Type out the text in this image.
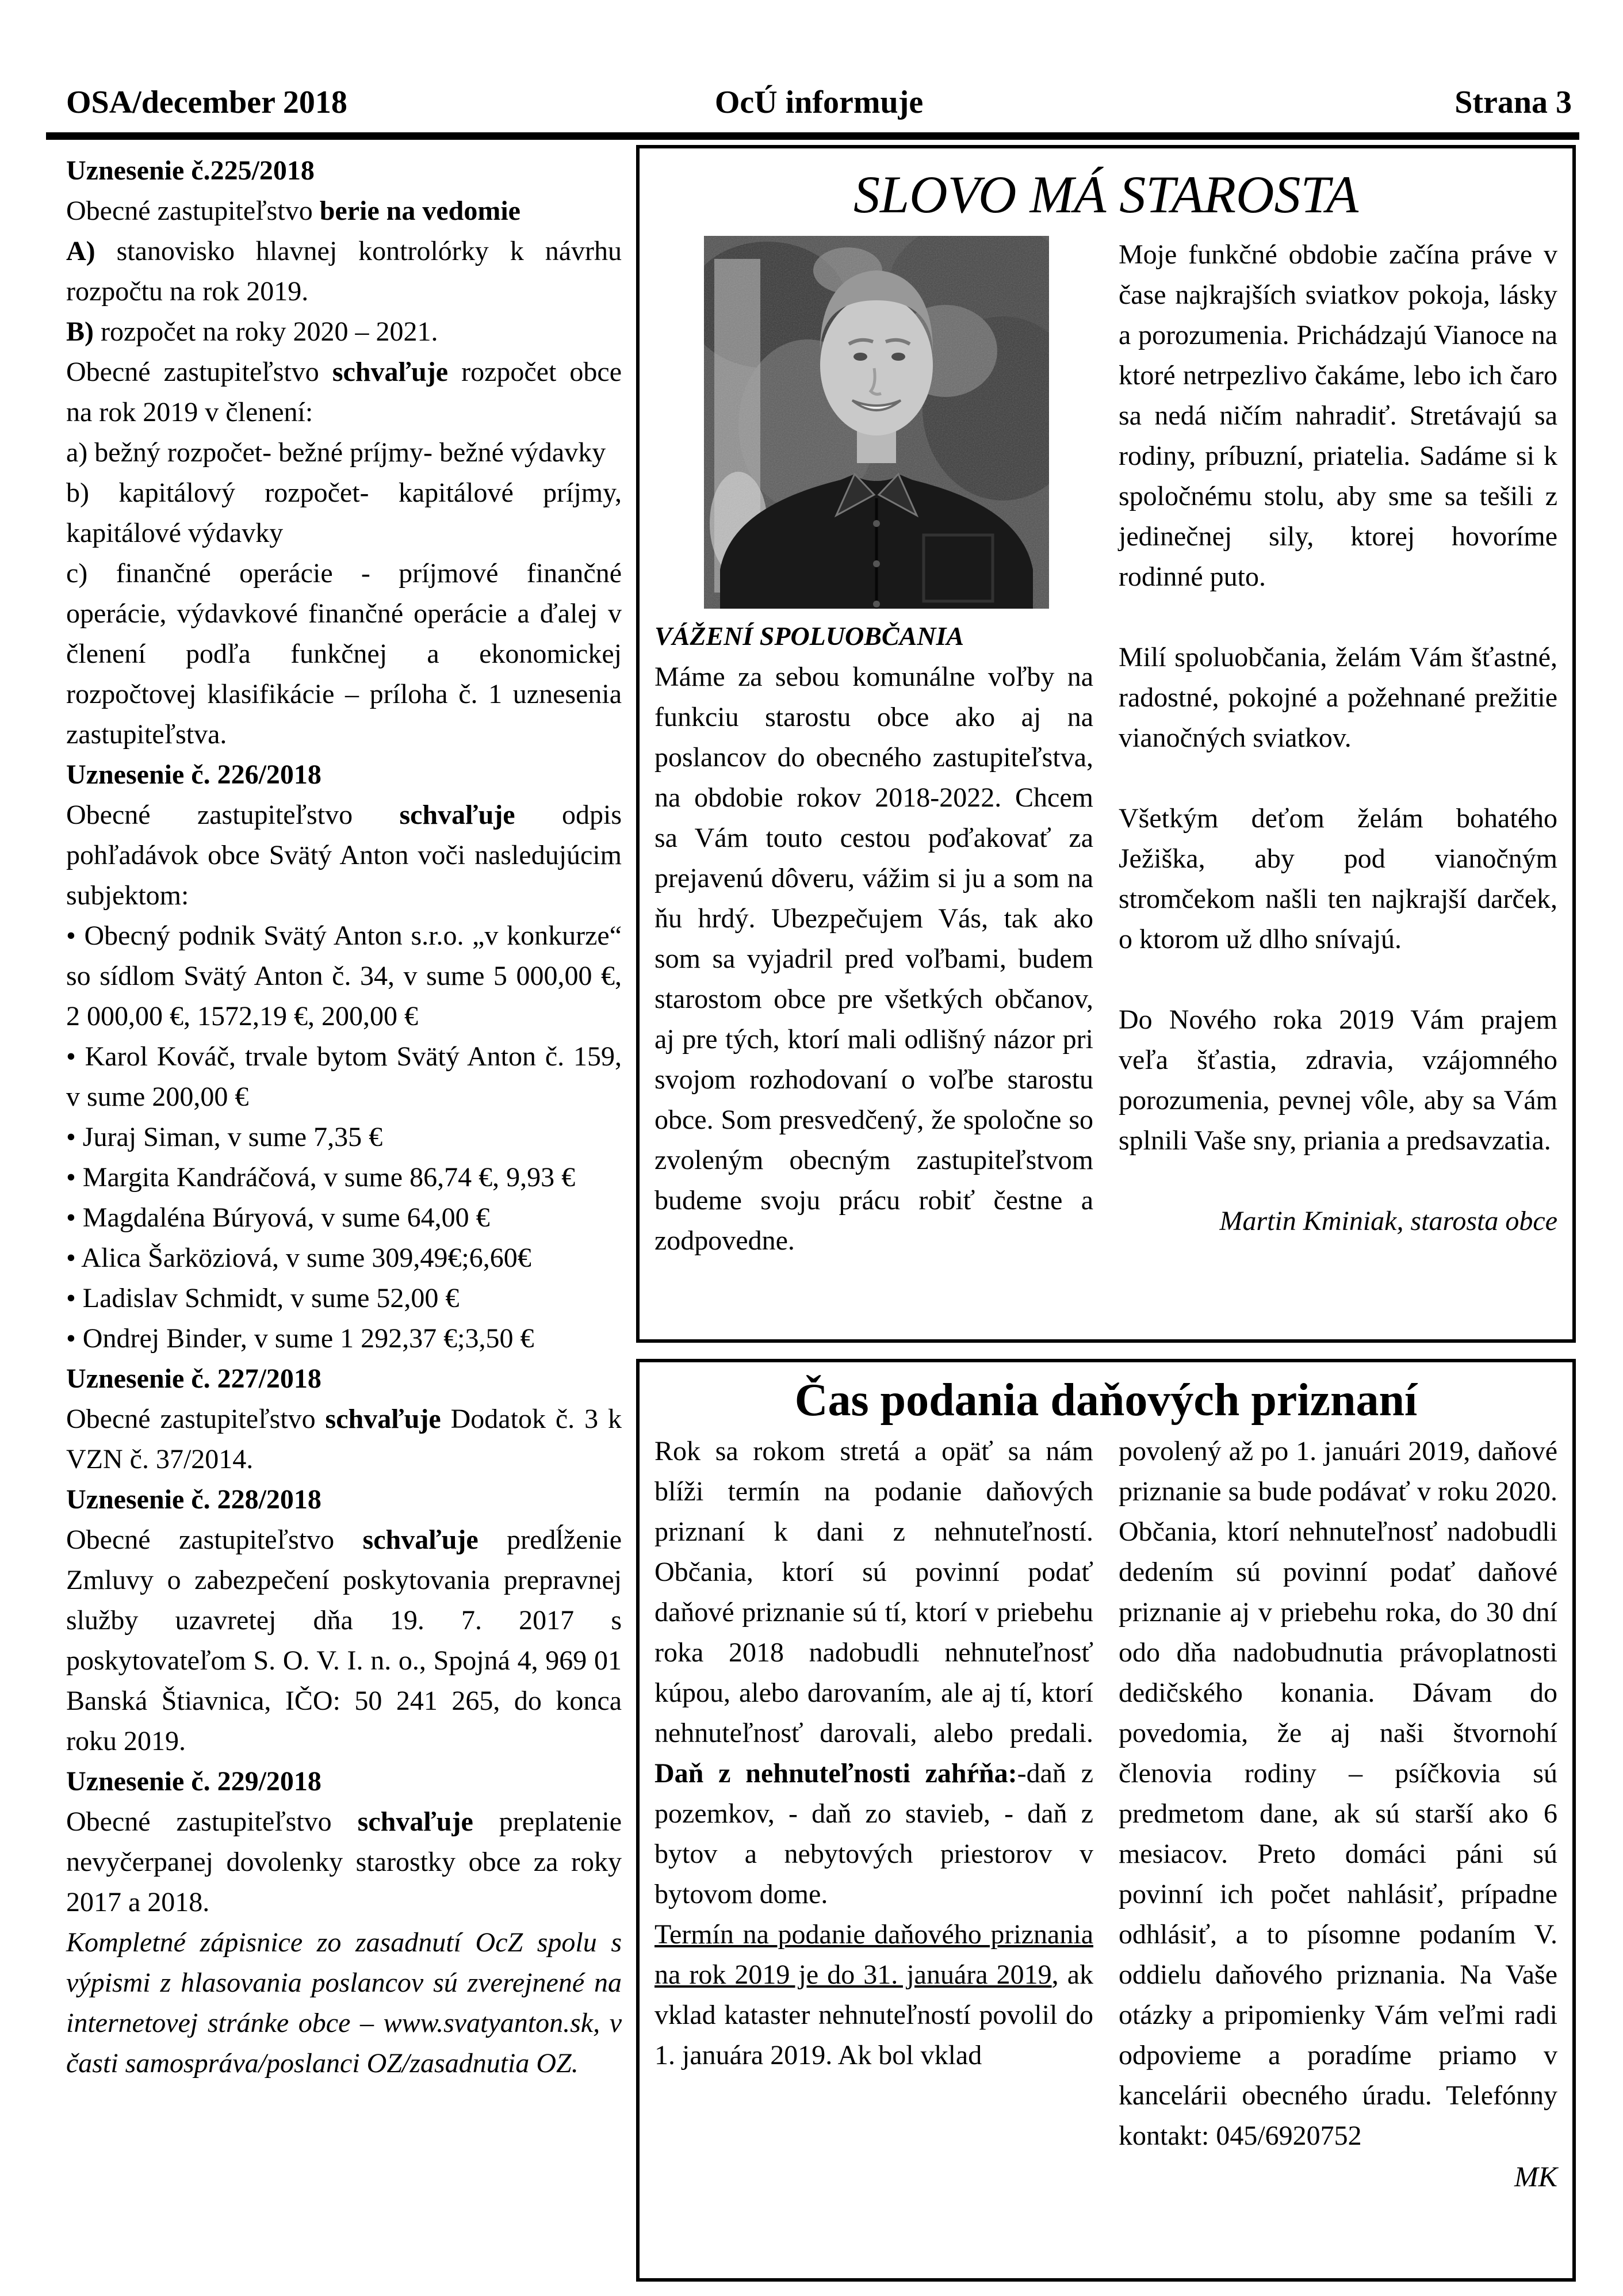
OSA/december 2018	OcÚ informuje	Strana 3

Uznesenie č.225/2018

Obecné zastupiteľstvo berie na vedomie

A) stanovisko hlavnej kontrolórky k návrhu rozpočtu na rok 2019.

B) rozpočet na roky 2020 – 2021.

Obecné zastupiteľstvo schvaľuje rozpočet obce na rok 2019 v členení:

a) bežný rozpočet- bežné príjmy- bežné výdavky

b) kapitálový rozpočet- kapitálové príjmy, kapitálové výdavky

c) finančné operácie - príjmové finančné operácie, výdavkové finančné operácie a ďalej v členení podľa funkčnej a ekonomickej rozpočtovej klasifikácie – príloha č. 1 uznesenia zastupiteľstva.

Uznesenie č. 226/2018

Obecné zastupiteľstvo schvaľuje odpis pohľadávok obce Svätý Anton voči nasledujúcim subjektom:

• Obecný podnik Svätý Anton s.r.o. „v konkurze“ so sídlom Svätý Anton č. 34, v sume 5 000,00 €, 2 000,00 €, 1572,19 €, 200,00 €

• Karol Kováč, trvale bytom Svätý Anton č. 159, v sume 200,00 €

• Juraj Siman, v sume 7,35 €

• Margita Kandráčová, v sume 86,74 €, 9,93 €

• Magdaléna Búryová, v sume 64,00 €

• Alica Šarköziová, v sume 309,49€;6,60€

• Ladislav Schmidt, v sume 52,00 €

• Ondrej Binder, v sume 1 292,37 €;3,50 €

Uznesenie č. 227/2018

Obecné zastupiteľstvo schvaľuje Dodatok č. 3 k VZN č. 37/2014.

Uznesenie č. 228/2018

Obecné zastupiteľstvo schvaľuje predĺženie Zmluvy o zabezpečení poskytovania prepravnej služby uzavretej dňa 19. 7. 2017 s poskytovateľom S. O. V. I. n. o., Spojná 4, 969 01 Banská Štiavnica, IČO: 50 241 265, do konca roku 2019.

Uznesenie č. 229/2018

Obecné zastupiteľstvo schvaľuje preplatenie nevyčerpanej dovolenky starostky obce za roky 2017 a 2018.

Kompletné zápisnice zo zasadnutí OcZ spolu s výpismi z hlasovania poslancov sú zverejnené na internetovej stránke obce – www.svatyanton.sk, v časti samospráva/poslanci OZ/zasadnutia OZ.

SLOVO MÁ STAROSTA

VÁŽENÍ SPOLUOBČANIA

Máme za sebou komunálne voľby na funkciu starostu obce ako aj na poslancov do obecného zastupiteľstva, na obdobie rokov 2018-2022. Chcem sa Vám touto cestou poďakovať za prejavenú dôveru, vážim si ju a som na ňu hrdý. Ubezpečujem Vás, tak ako som sa vyjadril pred voľbami, budem starostom obce pre všetkých občanov, aj pre tých, ktorí mali odlišný názor pri svojom rozhodovaní o voľbe starostu obce. Som presvedčený, že spoločne so zvoleným obecným zastupiteľstvom budeme svoju prácu robiť čestne a zodpovedne.

Moje funkčné obdobie začína práve v čase najkrajších sviatkov pokoja, lásky a porozumenia. Prichádzajú Vianoce na ktoré netrpezlivo čakáme, lebo ich čaro sa nedá ničím nahradiť. Stretávajú sa rodiny, príbuzní, priatelia. Sadáme si k spoločnému stolu, aby sme sa tešili z jedinečnej sily, ktorej hovoríme rodinné puto.

Milí spoluobčania, želám Vám šťastné, radostné, pokojné a požehnané prežitie vianočných sviatkov.

Všetkým deťom želám bohatého Ježiška, aby pod vianočným stromčekom našli ten najkrajší darček, o ktorom už dlho snívajú.

Do Nového roka 2019 Vám prajem veľa šťastia, zdravia, vzájomného porozumenia, pevnej vôle, aby sa Vám splnili Vaše sny, priania a predsavzatia.

Martin Kminiak, starosta obce

Čas podania daňových priznaní

Rok sa rokom stretá a opäť sa nám blíži termín na podanie daňových priznaní k dani z nehnuteľností. Občania, ktorí sú povinní podať daňové priznanie sú tí, ktorí v priebehu roka 2018 nadobudli nehnuteľnosť kúpou, alebo darovaním, ale aj tí, ktorí nehnuteľnosť darovali, alebo predali. Daň z nehnuteľnosti zahŕňa:-daň z pozemkov, - daň zo stavieb, - daň z bytov a nebytových priestorov v bytovom dome.

Termín na podanie daňového priznania na rok 2019 je do 31. januára 2019, ak vklad kataster nehnuteľností povolil do 1. januára 2019. Ak bol vklad

povolený až po 1. januári 2019, daňové priznanie sa bude podávať v roku 2020. Občania, ktorí nehnuteľnosť nadobudli dedením sú povinní podať daňové priznanie aj v priebehu roka, do 30 dní odo dňa nadobudnutia právoplatnosti dedičského konania. Dávam do povedomia, že aj naši štvornohí členovia rodiny – psíčkovia sú predmetom dane, ak sú starší ako 6 mesiacov. Preto domáci páni sú povinní ich počet nahlásiť, prípadne odhlásiť, a to písomne podaním V. oddielu daňového priznania. Na Vaše otázky a pripomienky Vám veľmi radi odpovieme a poradíme priamo v kancelárii obecného úradu. Telefónny kontakt: 045/6920752

MK
